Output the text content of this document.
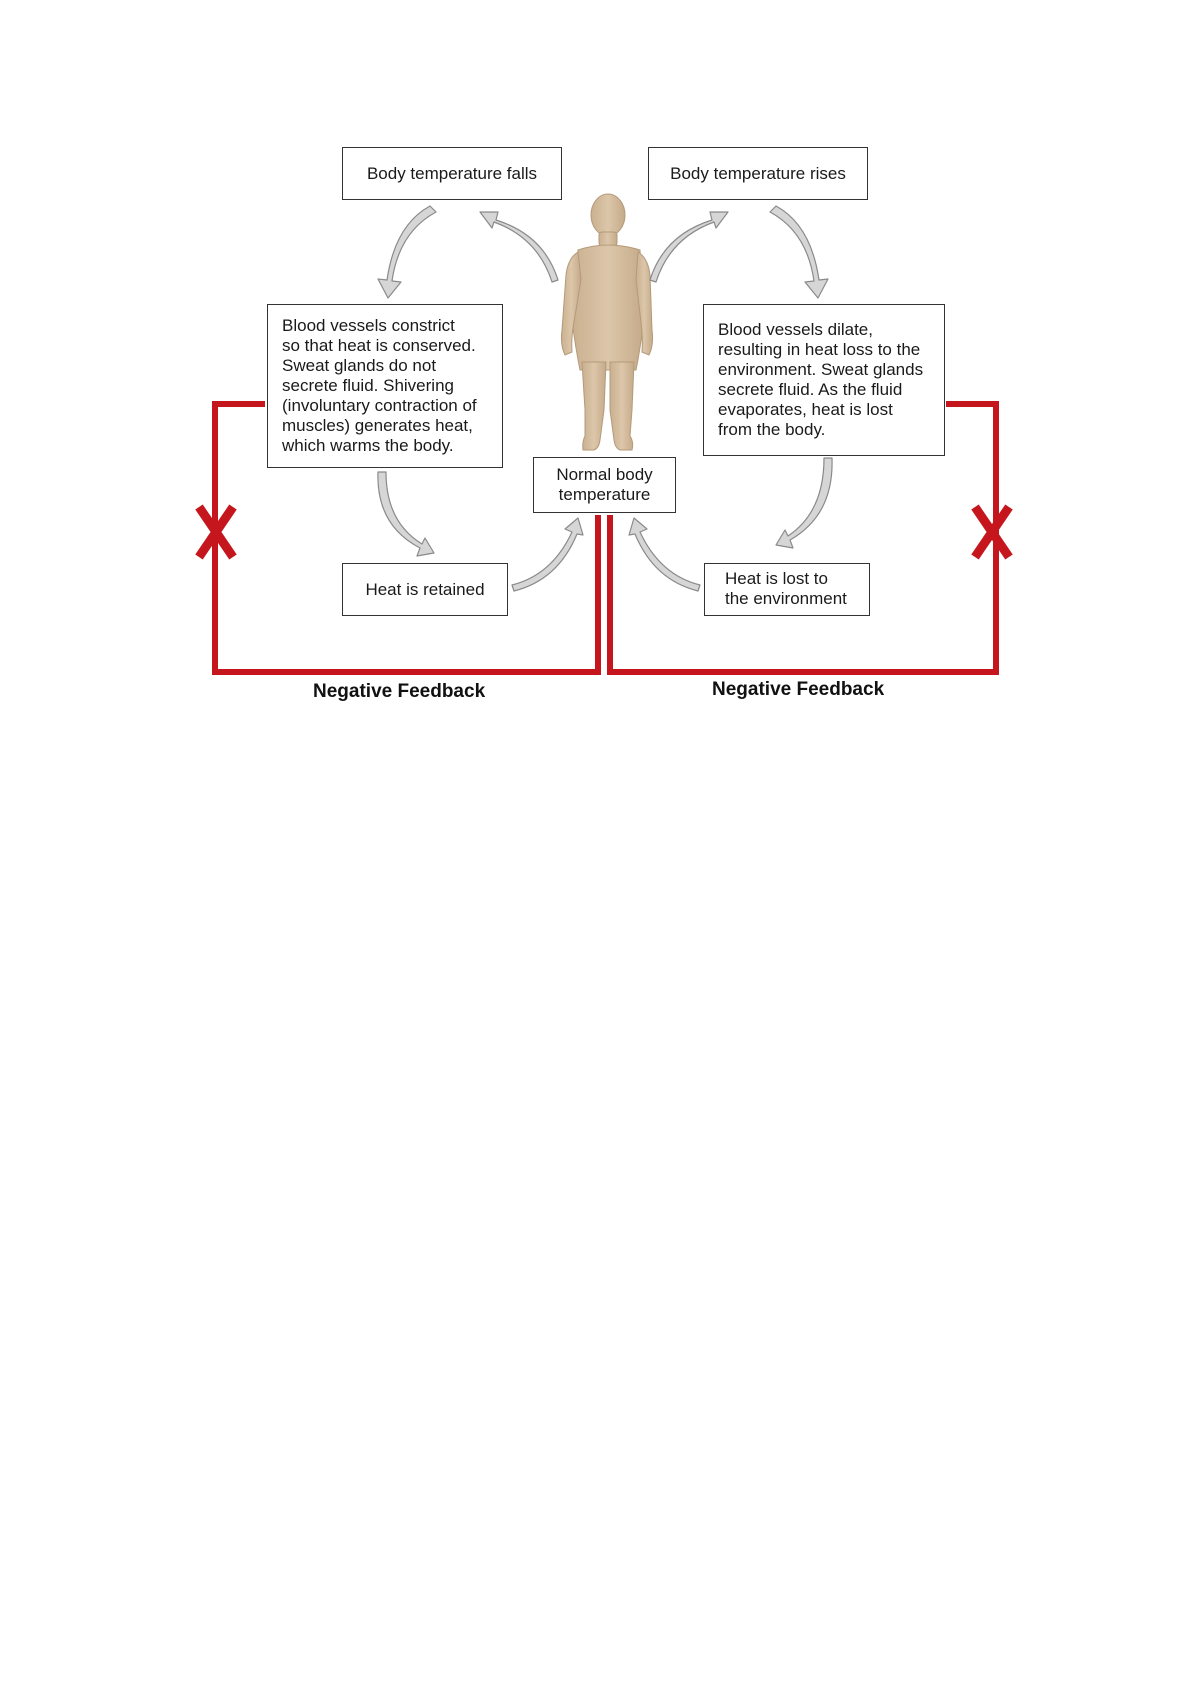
Body temperature falls	Body temperature rises
Blood vessels constrict
so that heat is conserved.
Sweat glands do not
secrete fluid. Shivering
(involuntary contraction of
muscles) generates heat,
which warms the body.
Blood vessels dilate,
resulting in heat loss to the
environment. Sweat glands
secrete fluid. As the fluid
evaporates, heat is lost
from the body.
Normal body
temperature
Heat is retained
Heat is lost to
the environment
Negative Feedback	Negative Feedback
